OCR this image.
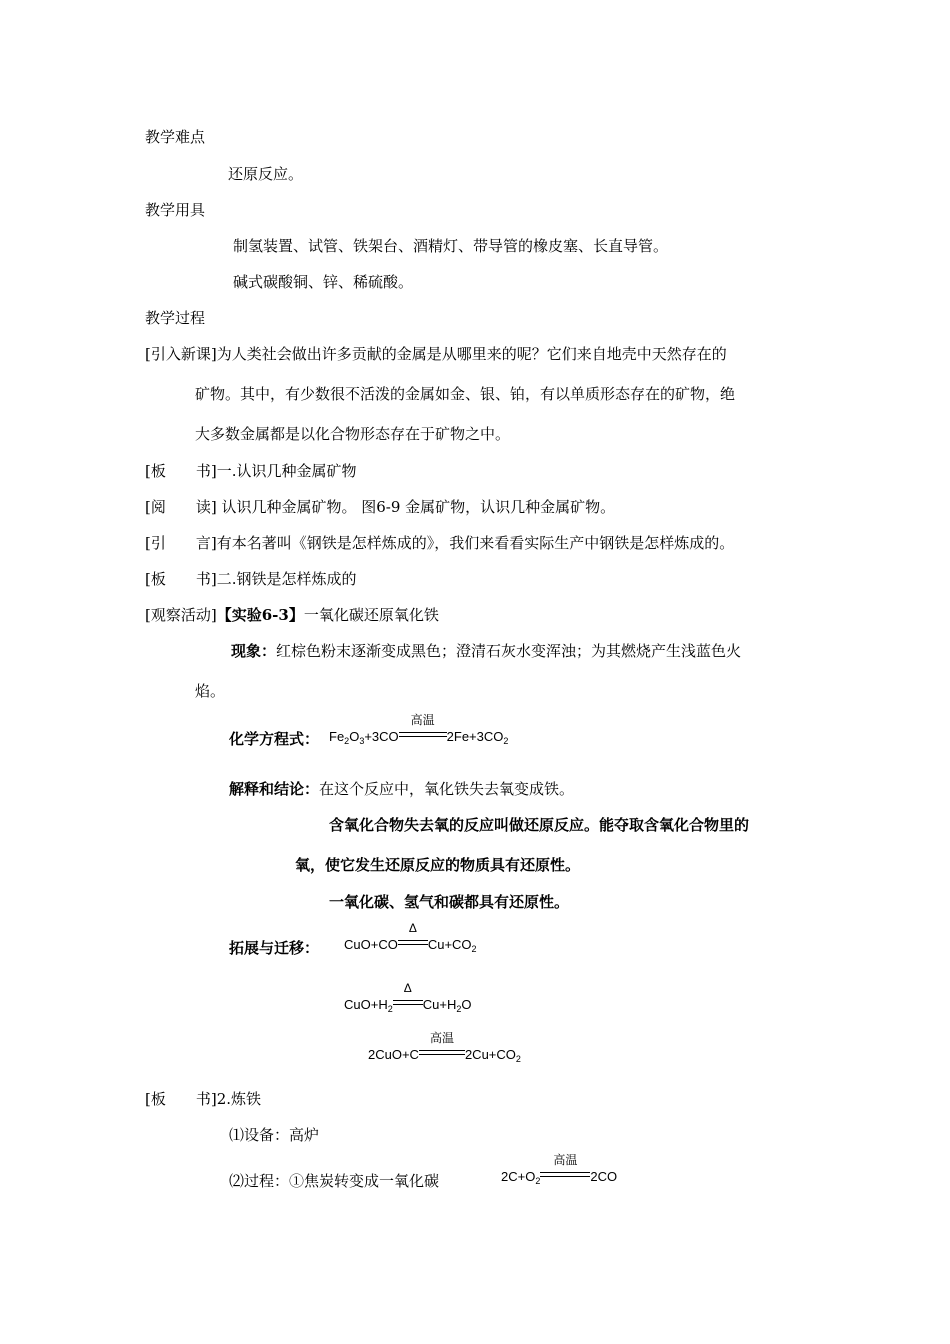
教学难点
还原反应。
教学用具
制氢装置、试管、铁架台、酒精灯、带导管的橡皮塞、长直导管。
碱式碳酸铜、锌、稀硫酸。
教学过程
[引入新课]为人类社会做出许多贡献的金属是从哪里来的呢？它们来自地壳中天然存在的
矿物。其中，有少数很不活泼的金属如金、银、铂，有以单质形态存在的矿物，绝
大多数金属都是以化合物形态存在于矿物之中。
[板 书]一.认识几种金属矿物
[阅 读] 认识几种金属矿物。 图6-9 金属矿物，认识几种金属矿物。
[引 言]有本名著叫《钢铁是怎样炼成的》，我们来看看实际生产中钢铁是怎样炼成的。
[板 书]二.钢铁是怎样炼成的
[观察活动]【实验6-3】一氧化碳还原氧化铁
现象：红棕色粉末逐渐变成黑色；澄清石灰水变浑浊；为其燃烧产生浅蓝色火
焰。
化学方程式： $Fe_2O_3+3CO$
高温
$2Fe+3CO_2$
解释和结论：在这个反应中，氧化铁失去氧变成铁。
含氧化合物失去氧的反应叫做还原反应。能夺取含氧化合物里的
氧，使它发生还原反应的物质具有还原性。
一氧化碳、氢气和碳都具有还原性。
拓展与迁移： CuO+CO
Δ
$Cu+CO_2$
$CuO+H_2$
Δ
$Cu+H_2O$
2CuO+C
高温
$2Cu+CO_2$
[板 书]2.炼铁
⑴设备：高炉
⑵过程：①焦炭转变成一氧化碳	$2C+O_2$
高温
2CO
